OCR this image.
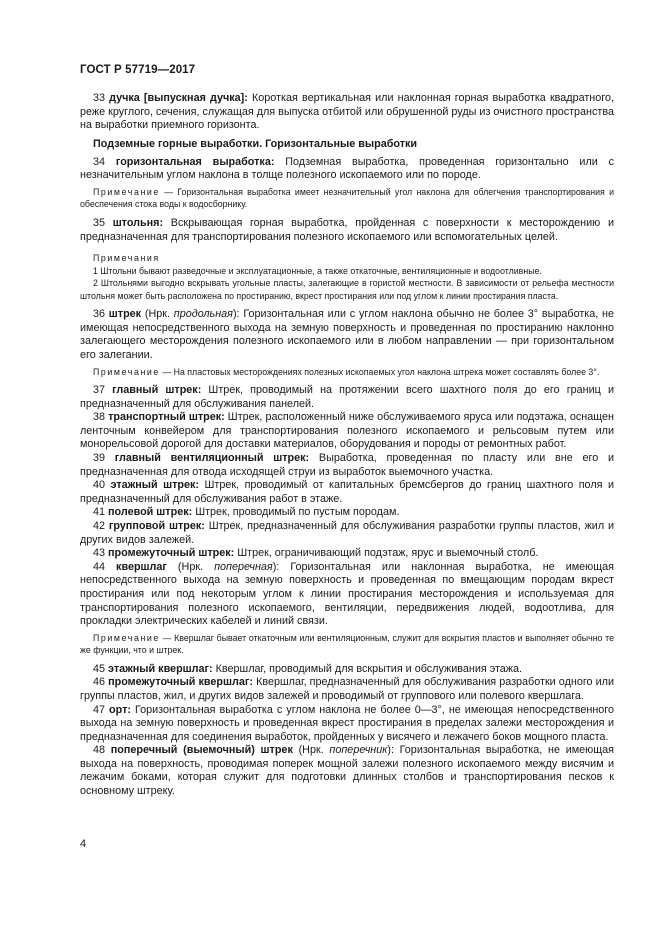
ГОСТ Р 57719—2017

33 дучка [выпускная дучка]: Короткая вертикальная или наклонная горная выработка квадратного, реже круглого, сечения, служащая для выпуска отбитой или обрушенной руды из очистного пространства на выработки приемного горизонта.

Подземные горные выработки. Горизонтальные выработки

34 горизонтальная выработка: Подземная выработка, проведенная горизонтально или с незначительным углом наклона в толще полезного ископаемого или по породе.

Примечание — Горизонтальная выработка имеет незначительный угол наклона для облегчения транспортирования и обеспечения стока воды к водосборнику.

35 штольня: Вскрывающая горная выработка, пройденная с поверхности к месторождению и предназначенная для транспортирования полезного ископаемого или вспомогательных целей.

Примечания

1 Штольни бывают разведочные и эксплуатационные, а также откаточные, вентиляционные и водоотливные.

2 Штольнями выгодно вскрывать угольные пласты, залегающие в гористой местности. В зависимости от рельефа местности штольня может быть расположена по простиранию, вкрест простирания или под углом к линии простирания пласта.

36 штрек (Нрк. продольная): Горизонтальная или с углом наклона обычно не более 3° выработка, не имеющая непосредственного выхода на земную поверхность и проведенная по простиранию наклонно залегающего месторождения полезного ископаемого или в любом направлении — при горизонтальном его залегании.

Примечание — На пластовых месторождениях полезных ископаемых угол наклона штрека может составлять более 3°.

37 главный штрек: Штрек, проводимый на протяжении всего шахтного поля до его границ и предназначенный для обслуживания панелей.

38 транспортный штрек: Штрек, расположенный ниже обслуживаемого яруса или подэтажа, оснащен ленточным конвейером для транспортирования полезного ископаемого и рельсовым путем или монорельсовой дорогой для доставки материалов, оборудования и породы от ремонтных работ.

39 главный вентиляционный штрек: Выработка, проведенная по пласту или вне его и предназначенная для отвода исходящей струи из выработок выемочного участка.

40 этажный штрек: Штрек, проводимый от капитальных бремсбергов до границ шахтного поля и предназначенный для обслуживания работ в этаже.

41 полевой штрек: Штрек, проводимый по пустым породам.

42 групповой штрек: Штрек, предназначенный для обслуживания разработки группы пластов, жил и других видов залежей.

43 промежуточный штрек: Штрек, ограничивающий подэтаж, ярус и выемочный столб.

44 квершлаг (Нрк. поперечная): Горизонтальная или наклонная выработка, не имеющая непосредственного выхода на земную поверхность и проведенная по вмещающим породам вкрест простирания или под некоторым углом к линии простирания месторождения и используемая для транспортирования полезного ископаемого, вентиляции, передвижения людей, водоотлива, для прокладки электрических кабелей и линий связи.

Примечание — Квершлаг бывает откаточным или вентиляционным, служит для вскрытия пластов и выполняет обычно те же функции, что и штрек.

45 этажный квершлаг: Квершлаг, проводимый для вскрытия и обслуживания этажа.

46 промежуточный квершлаг: Квершлаг, предназначенный для обслуживания разработки одного или группы пластов, жил, и других видов залежей и проводимый от группового или полевого квершлага.

47 орт: Горизонтальная выработка с углом наклона не более 0—3°, не имеющая непосредственного выхода на земную поверхность и проведенная вкрест простирания в пределах залежи месторождения и предназначенная для соединения выработок, пройденных у висячего и лежачего боков мощного пласта.

48 поперечный (выемочный) штрек (Нрк. поперечник): Горизонтальная выработка, не имеющая выхода на поверхность, проводимая поперек мощной залежи полезного ископаемого между висячим и лежачим боками, которая служит для подготовки длинных столбов и транспортирования песков к основному штреку.

4
